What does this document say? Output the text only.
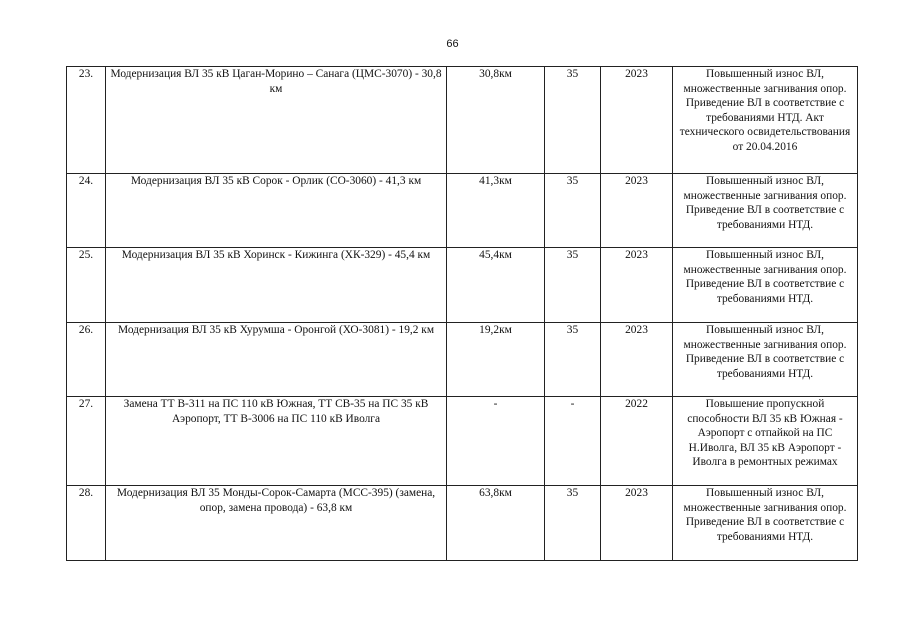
66
23.	Модернизация ВЛ 35 кВ Цаган-Морино – Санага (ЦМС-3070) - 30,8 км	30,8км	35	2023	Повышенный износ ВЛ, множественные загнивания опор. Приведение ВЛ в соответствие с требованиями НТД. Акт технического освидетельствования от 20.04.2016
24.	Модернизация ВЛ 35 кВ Сорок - Орлик (СО-3060) - 41,3 км	41,3км	35	2023	Повышенный износ ВЛ, множественные загнивания опор. Приведение ВЛ в соответствие с требованиями НТД.
25.	Модернизация ВЛ 35 кВ Хоринск - Кижинга (ХК-329) - 45,4 км	45,4км	35	2023	Повышенный износ ВЛ, множественные загнивания опор. Приведение ВЛ в соответствие с требованиями НТД.
26.	Модернизация ВЛ 35 кВ Хурумша - Оронгой (ХО-3081) - 19,2 км	19,2км	35	2023	Повышенный износ ВЛ, множественные загнивания опор. Приведение ВЛ в соответствие с требованиями НТД.
27.	Замена ТТ В-311 на ПС 110 кВ Южная, ТТ СВ-35 на ПС 35 кВ Аэропорт, ТТ В-3006 на ПС 110 кВ Иволга	-	-	2022	Повышение пропускной способности ВЛ 35 кВ Южная - Аэропорт с отпайкой на ПС Н.Иволга, ВЛ 35 кВ Аэропорт - Иволга в ремонтных режимах
28.	Модернизация ВЛ 35 Монды-Сорок-Самарта (МСС-395) (замена, опор, замена провода) - 63,8 км	63,8км	35	2023	Повышенный износ ВЛ, множественные загнивания опор. Приведение ВЛ в соответствие с требованиями НТД.
